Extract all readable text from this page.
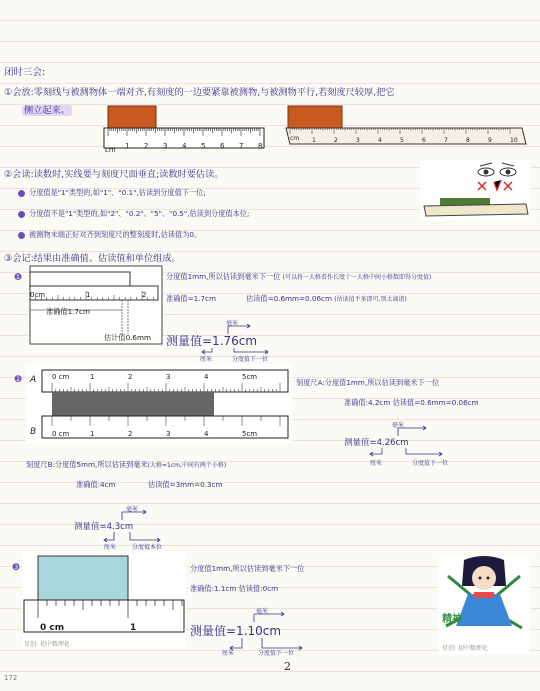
闭时三会:
①会放:零刻线与被测物体一端对齐,有刻度的一边要紧靠被测物,与被测物平行,若刻度尺较厚,把它
侧立起来。
cm 1 2 3 4 5 6 7 8
cm 1	2	3	4	5	6	7	8	9	10
②会读:读数时,实线要与刻度尺面垂直;读数时要估读。
分度值是"1"类型的,如"1"、"0.1",估读到分度值下一位;
分度值不是"1"类型的,如"2"、"0.2"、"5"、"0.5",估读到分度值本位;
被测物末端正好对齐到刻度尺的整刻度时,估读值为0。
③会记:结果由准确值、估读值和单位组成。
❶
0cm	1	2
准确值1.7cm
估计值0.6mm
分度值1mm,所以估读到毫米下一位 (可以将一大格看作长度十一大格中间小格数即得分度值)
准确值=1.7cm	估读值=0.6mm=0.06cm (估读值不多即可,别太离谱)
毫米
测量值=1.76cm
厘米	分度值下一位
❷ A 0 cm	1	2	3	4	5cm
B 0 cm	1	2	3	4	5cm
刻度尺A:分度值1mm,所以估读到毫米下一位
准确值:4.2cm 估读值=0.6mm=0.06cm
毫米
测量值=4.26cm
厘米	分度值下一位
刻度尺B:分度值5mm,所以估读到毫米(大格=1cm,中间有两个小格)
准确值:4cm	估读值=3mm=0.3cm
毫米
测量值=4.3cm
厘米	分度值本位
❸
0 cm	1
星创: 初中数理化
分度值1mm,所以估读到毫米下一位
准确值:1.1cm 估读值:0cm
毫米
测量值=1.10cm
厘米	分度值下一位
精神
星创: 初中数理化
172
2
